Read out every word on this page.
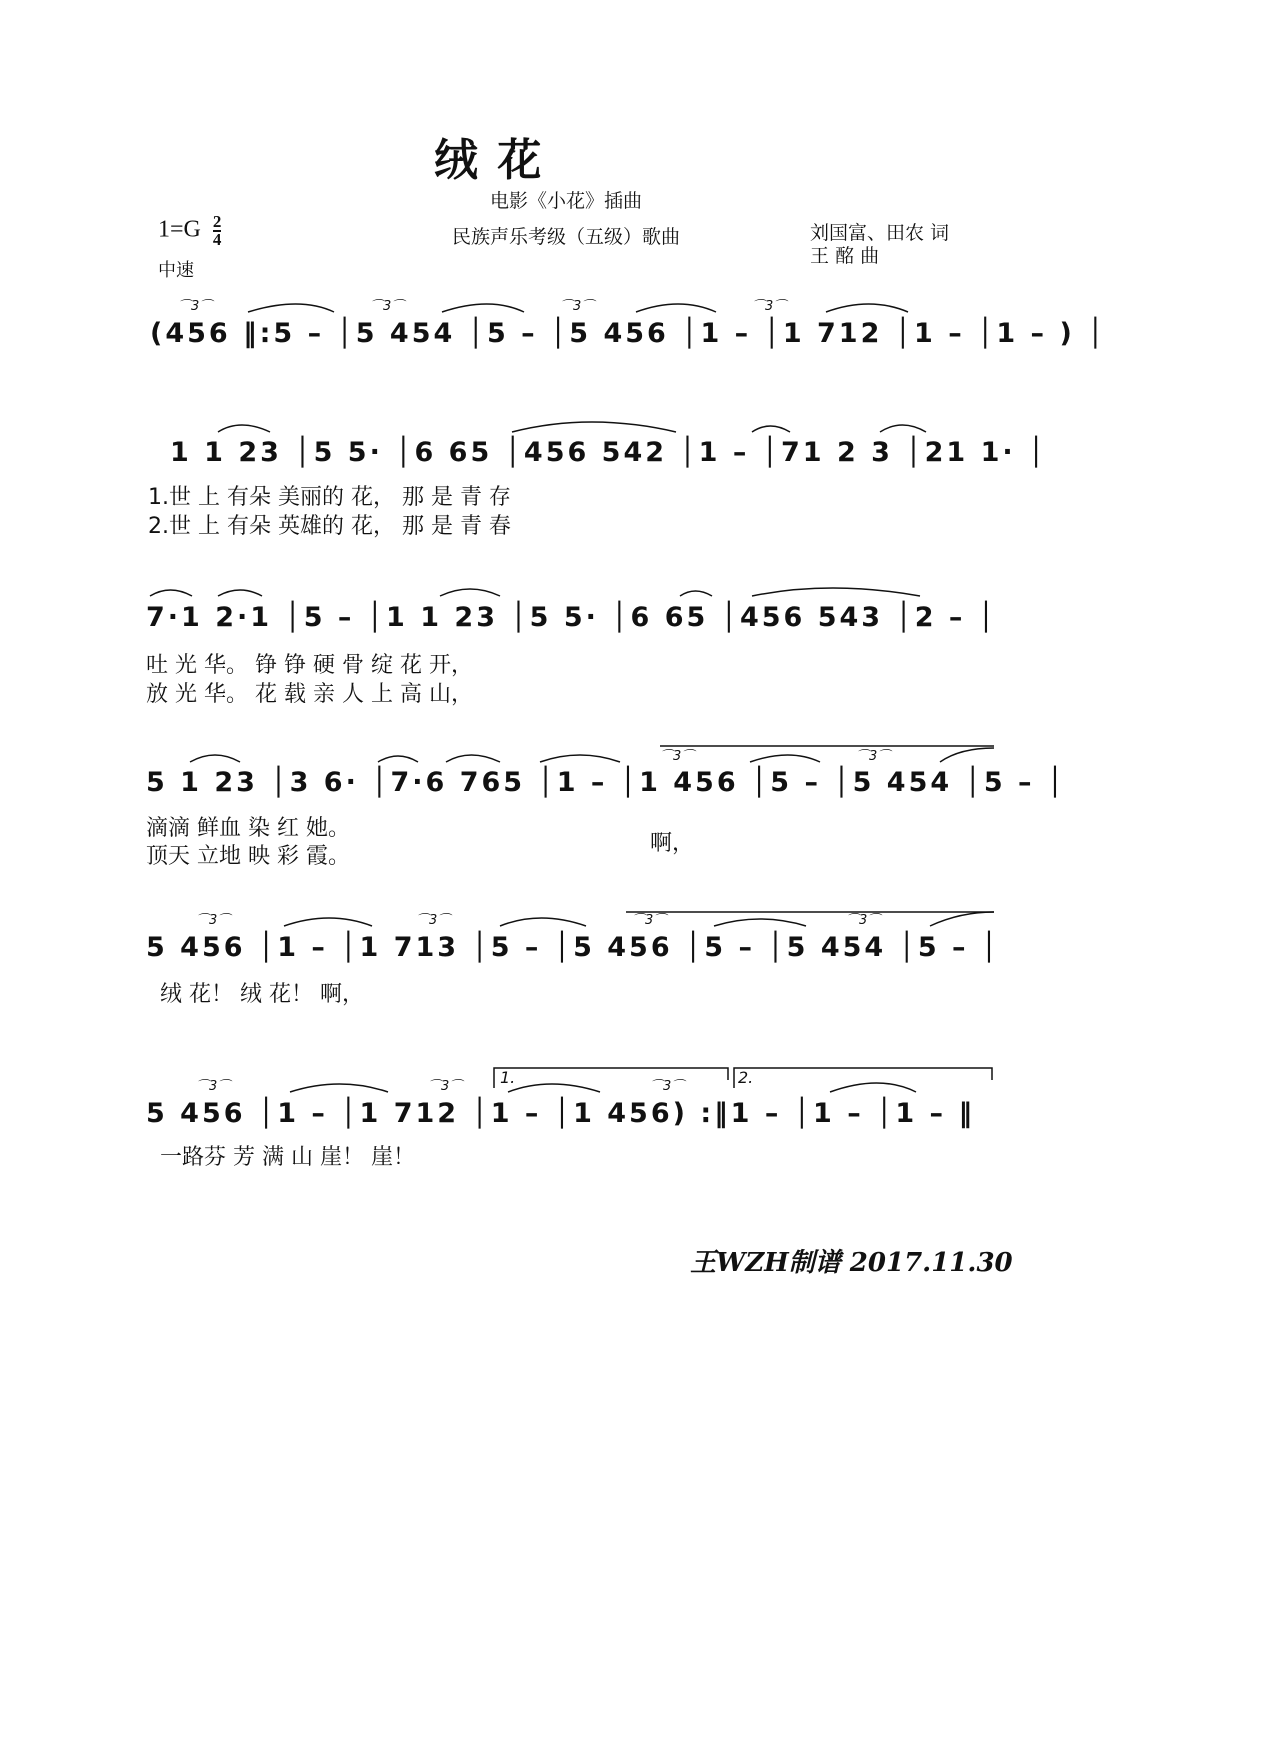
绒 花
电影《小花》插曲
$1=G \frac{2}{4}$	民族声乐考级（五级）歌曲	刘国富、田农 词
王 酩 曲
中速
(456 ‖:5 – │5 454 │5 – │5 456 │1 – │1 712 │1 – │1 – ) │
1 1 23 │5 5· │6 65 │456 542 │1 – │71 2 3 │21 1· │
1.世 上 有朵 美丽的 花， 那 是 青 存
2.世 上 有朵 英雄的 花， 那 是 青 春
7·1 2·1 │5 – │1 1 23 │5 5· │6 65 │456 543 │2 – │
吐 光 华。 铮 铮 硬 骨 绽 花 开，
放 光 华。 花 载 亲 人 上 高 山，
5 1 23 │3 6· │7·6 765 │1 – │1 456 │5 – │5 454 │5 – │
滴滴 鲜血 染 红 她。
顶天 立地 映 彩 霞。
啊，
5 456 │1 – │1 713 │5 – │5 456 │5 – │5 454 │5 – │
绒 花！ 绒 花！ 啊，
5 456 │1 – │1 712 │1 – │1 456) :‖1 – │1 – │1 – ‖
一路芬 芳 满 山 崖！ 崖！
1.	2.
⌒3⌒	⌒3⌒	⌒3⌒	⌒3⌒
⌒3⌒	⌒3⌒
⌒3⌒	⌒3⌒	⌒3⌒	⌒3⌒
⌒3⌒	⌒3⌒	⌒3⌒
王WZH制谱 2017.11.30
